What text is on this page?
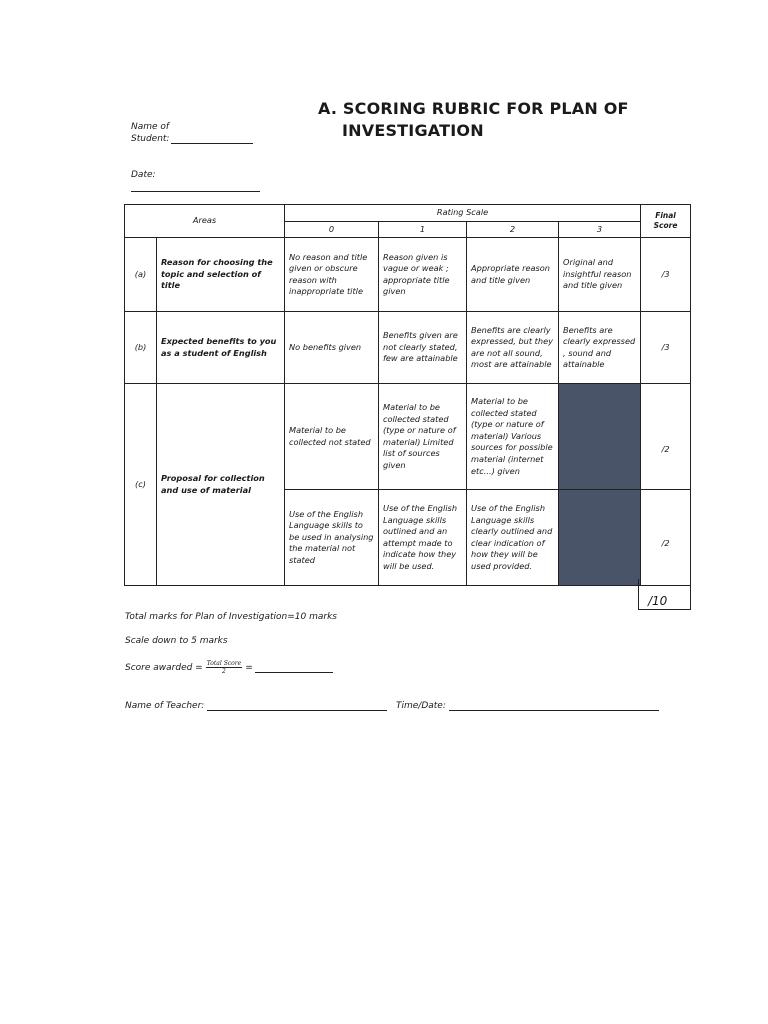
A. SCORING RUBRIC FOR PLAN OF
INVESTIGATION
Name of
Student:
Date:
Areas		Rating Scale				Final Score
		0	1	2	3	
(a)	Reason for choosing the topic and selection of title	No reason and title given or obscure reason with inappropriate title	Reason given is vague or weak ; appropriate title given	Appropriate reason and title given	Original and insightful reason and title given	/3
(b)	Expected benefits to you as a student of English	No benefits given	Benefits given are not clearly stated, few are attainable	Benefits are clearly expressed, but they are not all sound, most are attainable	Benefits are clearly expressed , sound and attainable	/3
(c)	Proposal for collection and use of material	Material to be collected not stated	Material to be collected stated (type or nature of material) Limited list of sources given	Material to be collected stated (type or nature of material) Various sources for possible material (internet etc...) given		/2
		Use of the English Language skills to be used in analysing the material not stated	Use of the English Language skills outlined and an attempt made to indicate how they will be used.	Use of the English Language skills clearly outlined and clear indication of how they will be used provided.		/2
/10
Total marks for Plan of Investigation=10 marks
Scale down to 5 marks
Score awarded = $\frac{\text{Total Score}}{2}$ =
Name of Teacher:	Time/Date:
